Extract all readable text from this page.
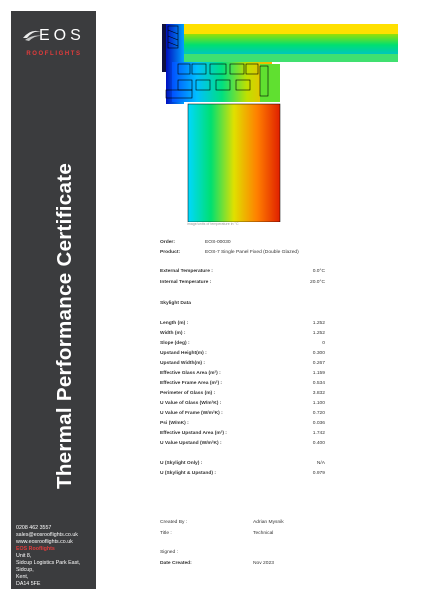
EOS
ROOFLIGHTS
Thermal Performance Certificate
0208 462 3557
sales@eosrooflights.co.uk
www.eosrooflights.co.uk
EOS Rooflights
Unit 8,
Sidcup Logistics Park East,
Sidcup,
Kent,
DA14 5FE
image/units of temperature in °C
Order:	EOS-00030
Product:	EOS-7 Single Panel Fixed (Double Glazed)
External Temperature :	0.0°C
Internal Temperature :	20.0°C
Skylight Data
Length (m) :	1.252
Width (m) :	1.252
Slope (deg) :	0
Upstand Height(m) :	0.300
Upstand Width(m) :	0.267
Effective Glass Area (m²) :	1.159
Effective Frame Area (m²) :	0.534
Perimeter of Glass (m) :	3.832
U Value of Glass (W/m²K) :	1.100
U Value of Frame (W/m²K) :	0.720
Psi (W/mK) :	0.036
Effective Upstand Area (m²) :	1.742
U Value Upstand (W/m²K) :	0.400
U (Skylight Only) :	N/A
U (Skylight & Upstand) :	0.979
Created By :	Adrian Mysnik
Title :	Technical
Signed :
Date Created:	Nov 2023
